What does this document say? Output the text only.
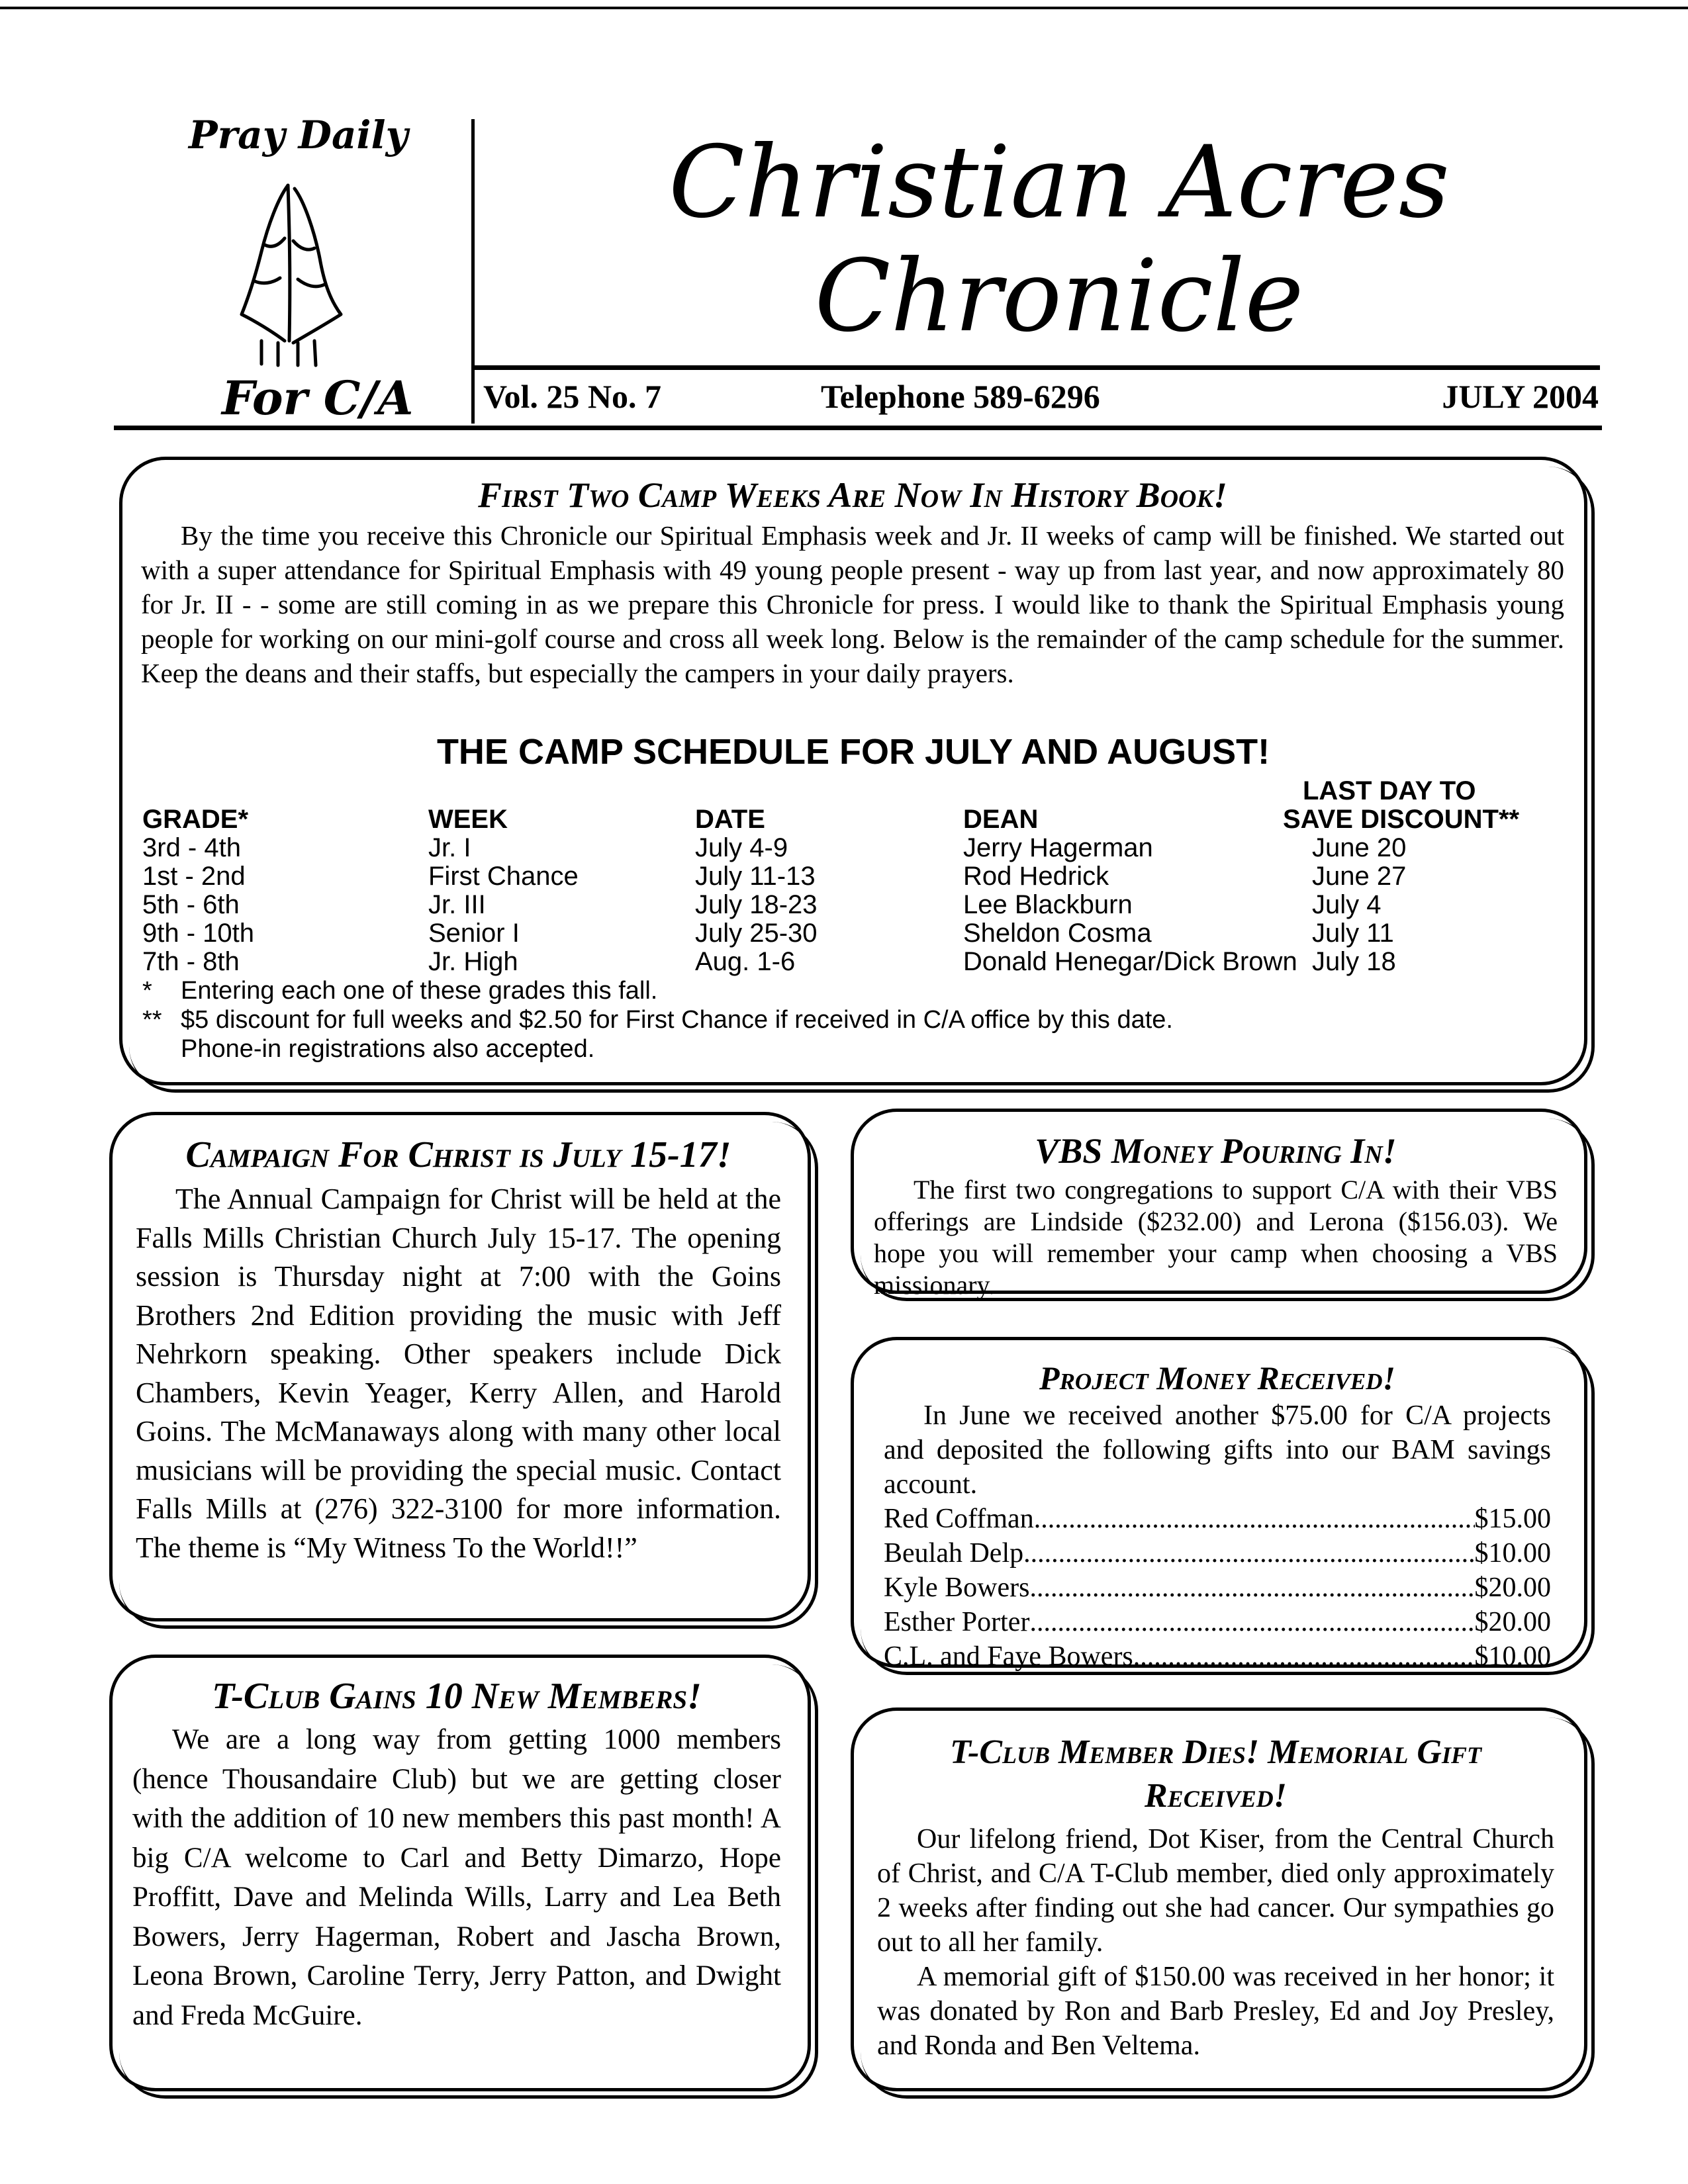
Pray Daily
For C/A
Christian Acres
Chronicle
Vol. 25 No. 7	Telephone 589-6296	JULY 2004
First Two Camp Weeks Are Now In History Book!

By the time you receive this Chronicle our Spiritual Emphasis week and Jr. II weeks of camp will be finished. We started out with a super attendance for Spiritual Emphasis with 49 young people present - way up from last year, and now approximately 80 for Jr. II - - some are still coming in as we prepare this Chronicle for press. I would like to thank the Spiritual Emphasis young people for working on our mini-golf course and cross all week long. Below is the remainder of the camp schedule for the summer. Keep the deans and their staffs, but especially the campers in your daily prayers.

THE CAMP SCHEDULE FOR JULY AND AUGUST!
LAST DAY TO
GRADE*	WEEK	DATE	DEAN	SAVE DISCOUNT**
3rd - 4th	Jr. I	July 4-9	Jerry Hagerman	June 20
1st - 2nd	First Chance	July 11-13	Rod Hedrick	June 27
5th - 6th	Jr. III	July 18-23	Lee Blackburn	July 4
9th - 10th	Senior I	July 25-30	Sheldon Cosma	July 11
7th - 8th	Jr. High	Aug. 1-6	Donald Henegar/Dick Brown July 18
* Entering each one of these grades this fall.
** $5 discount for full weeks and $2.50 for First Chance if received in C/A office by this date.
Phone-in registrations also accepted.
Campaign For Christ is July 15-17!

The Annual Campaign for Christ will be held at the Falls Mills Christian Church July 15-17. The opening session is Thursday night at 7:00 with the Goins Brothers 2nd Edition providing the music with Jeff Nehrkorn speaking. Other speakers include Dick Chambers, Kevin Yeager, Kerry Allen, and Harold Goins. The McManaways along with many other local musicians will be providing the special music. Contact Falls Mills at (276) 322-3100 for more information. The theme is “My Witness To the World!!”

VBS Money Pouring In!

The first two congregations to support C/A with their VBS offerings are Lindside ($232.00) and Lerona ($156.03). We hope you will remember your camp when choosing a VBS missionary.

Project Money Received!

In June we received another $75.00 for C/A projects and deposited the following gifts into our BAM savings account.

Red Coffman .....	$15.00
Beulah Delp .....	$10.00
Kyle Bowers .....	$20.00
Esther Porter .....	$20.00
C.L. and Faye Bowers .....	$10.00
T-Club Gains 10 New Members!

We are a long way from getting 1000 members (hence Thousandaire Club) but we are getting closer with the addition of 10 new members this past month! A big C/A welcome to Carl and Betty Dimarzo, Hope Proffitt, Dave and Melinda Wills, Larry and Lea Beth Bowers, Jerry Hagerman, Robert and Jascha Brown, Leona Brown, Caroline Terry, Jerry Patton, and Dwight and Freda McGuire.

T-Club Member Dies! Memorial Gift Received!

Our lifelong friend, Dot Kiser, from the Central Church of Christ, and C/A T-Club member, died only approximately 2 weeks after finding out she had cancer. Our sympathies go out to all her family.

A memorial gift of $150.00 was received in her honor; it was donated by Ron and Barb Presley, Ed and Joy Presley, and Ronda and Ben Veltema.
